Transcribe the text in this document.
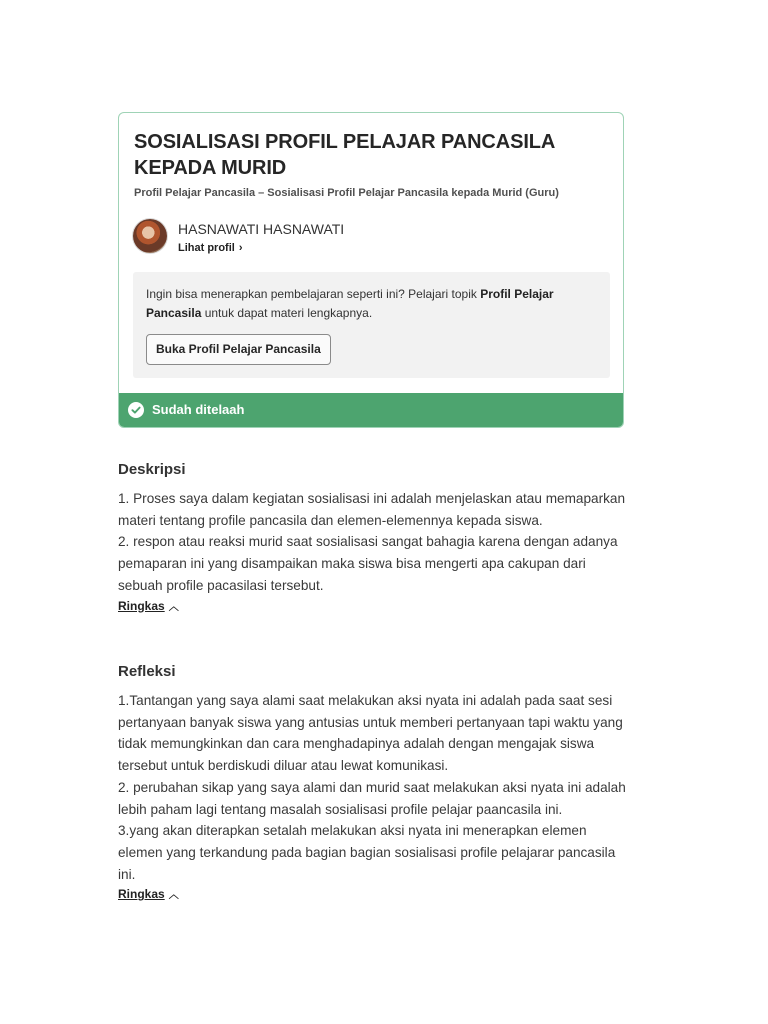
SOSIALISASI PROFIL PELAJAR PANCASILA KEPADA MURID
Profil Pelajar Pancasila – Sosialisasi Profil Pelajar Pancasila kepada Murid (Guru)
HASNAWATI HASNAWATI
Lihat profil ›
Ingin bisa menerapkan pembelajaran seperti ini? Pelajari topik Profil Pelajar Pancasila untuk dapat materi lengkapnya.
Buka Profil Pelajar Pancasila
Sudah ditelaah
Deskripsi
1. Proses saya dalam kegiatan sosialisasi ini adalah menjelaskan atau memaparkan materi tentang profile pancasila dan elemen-elemennya kepada siswa.
2. respon atau reaksi murid saat sosialisasi sangat bahagia karena dengan adanya pemaparan ini yang disampaikan maka siswa bisa mengerti apa cakupan dari sebuah profile pacasilasi tersebut.
Ringkas ︿
Refleksi
1.Tantangan yang saya alami saat melakukan aksi nyata ini adalah pada saat sesi pertanyaan banyak siswa yang antusias untuk memberi pertanyaan tapi waktu yang tidak memungkinkan dan cara menghadapinya adalah dengan mengajak siswa tersebut untuk berdiskudi diluar atau lewat komunikasi.
2. perubahan sikap yang saya alami dan murid saat melakukan aksi nyata ini adalah lebih paham lagi tentang masalah sosialisasi profile pelajar paancasila ini.
3.yang akan diterapkan setalah melakukan aksi nyata ini menerapkan elemen elemen yang terkandung pada bagian bagian sosialisasi profile pelajarar pancasila ini.
Ringkas ︿
